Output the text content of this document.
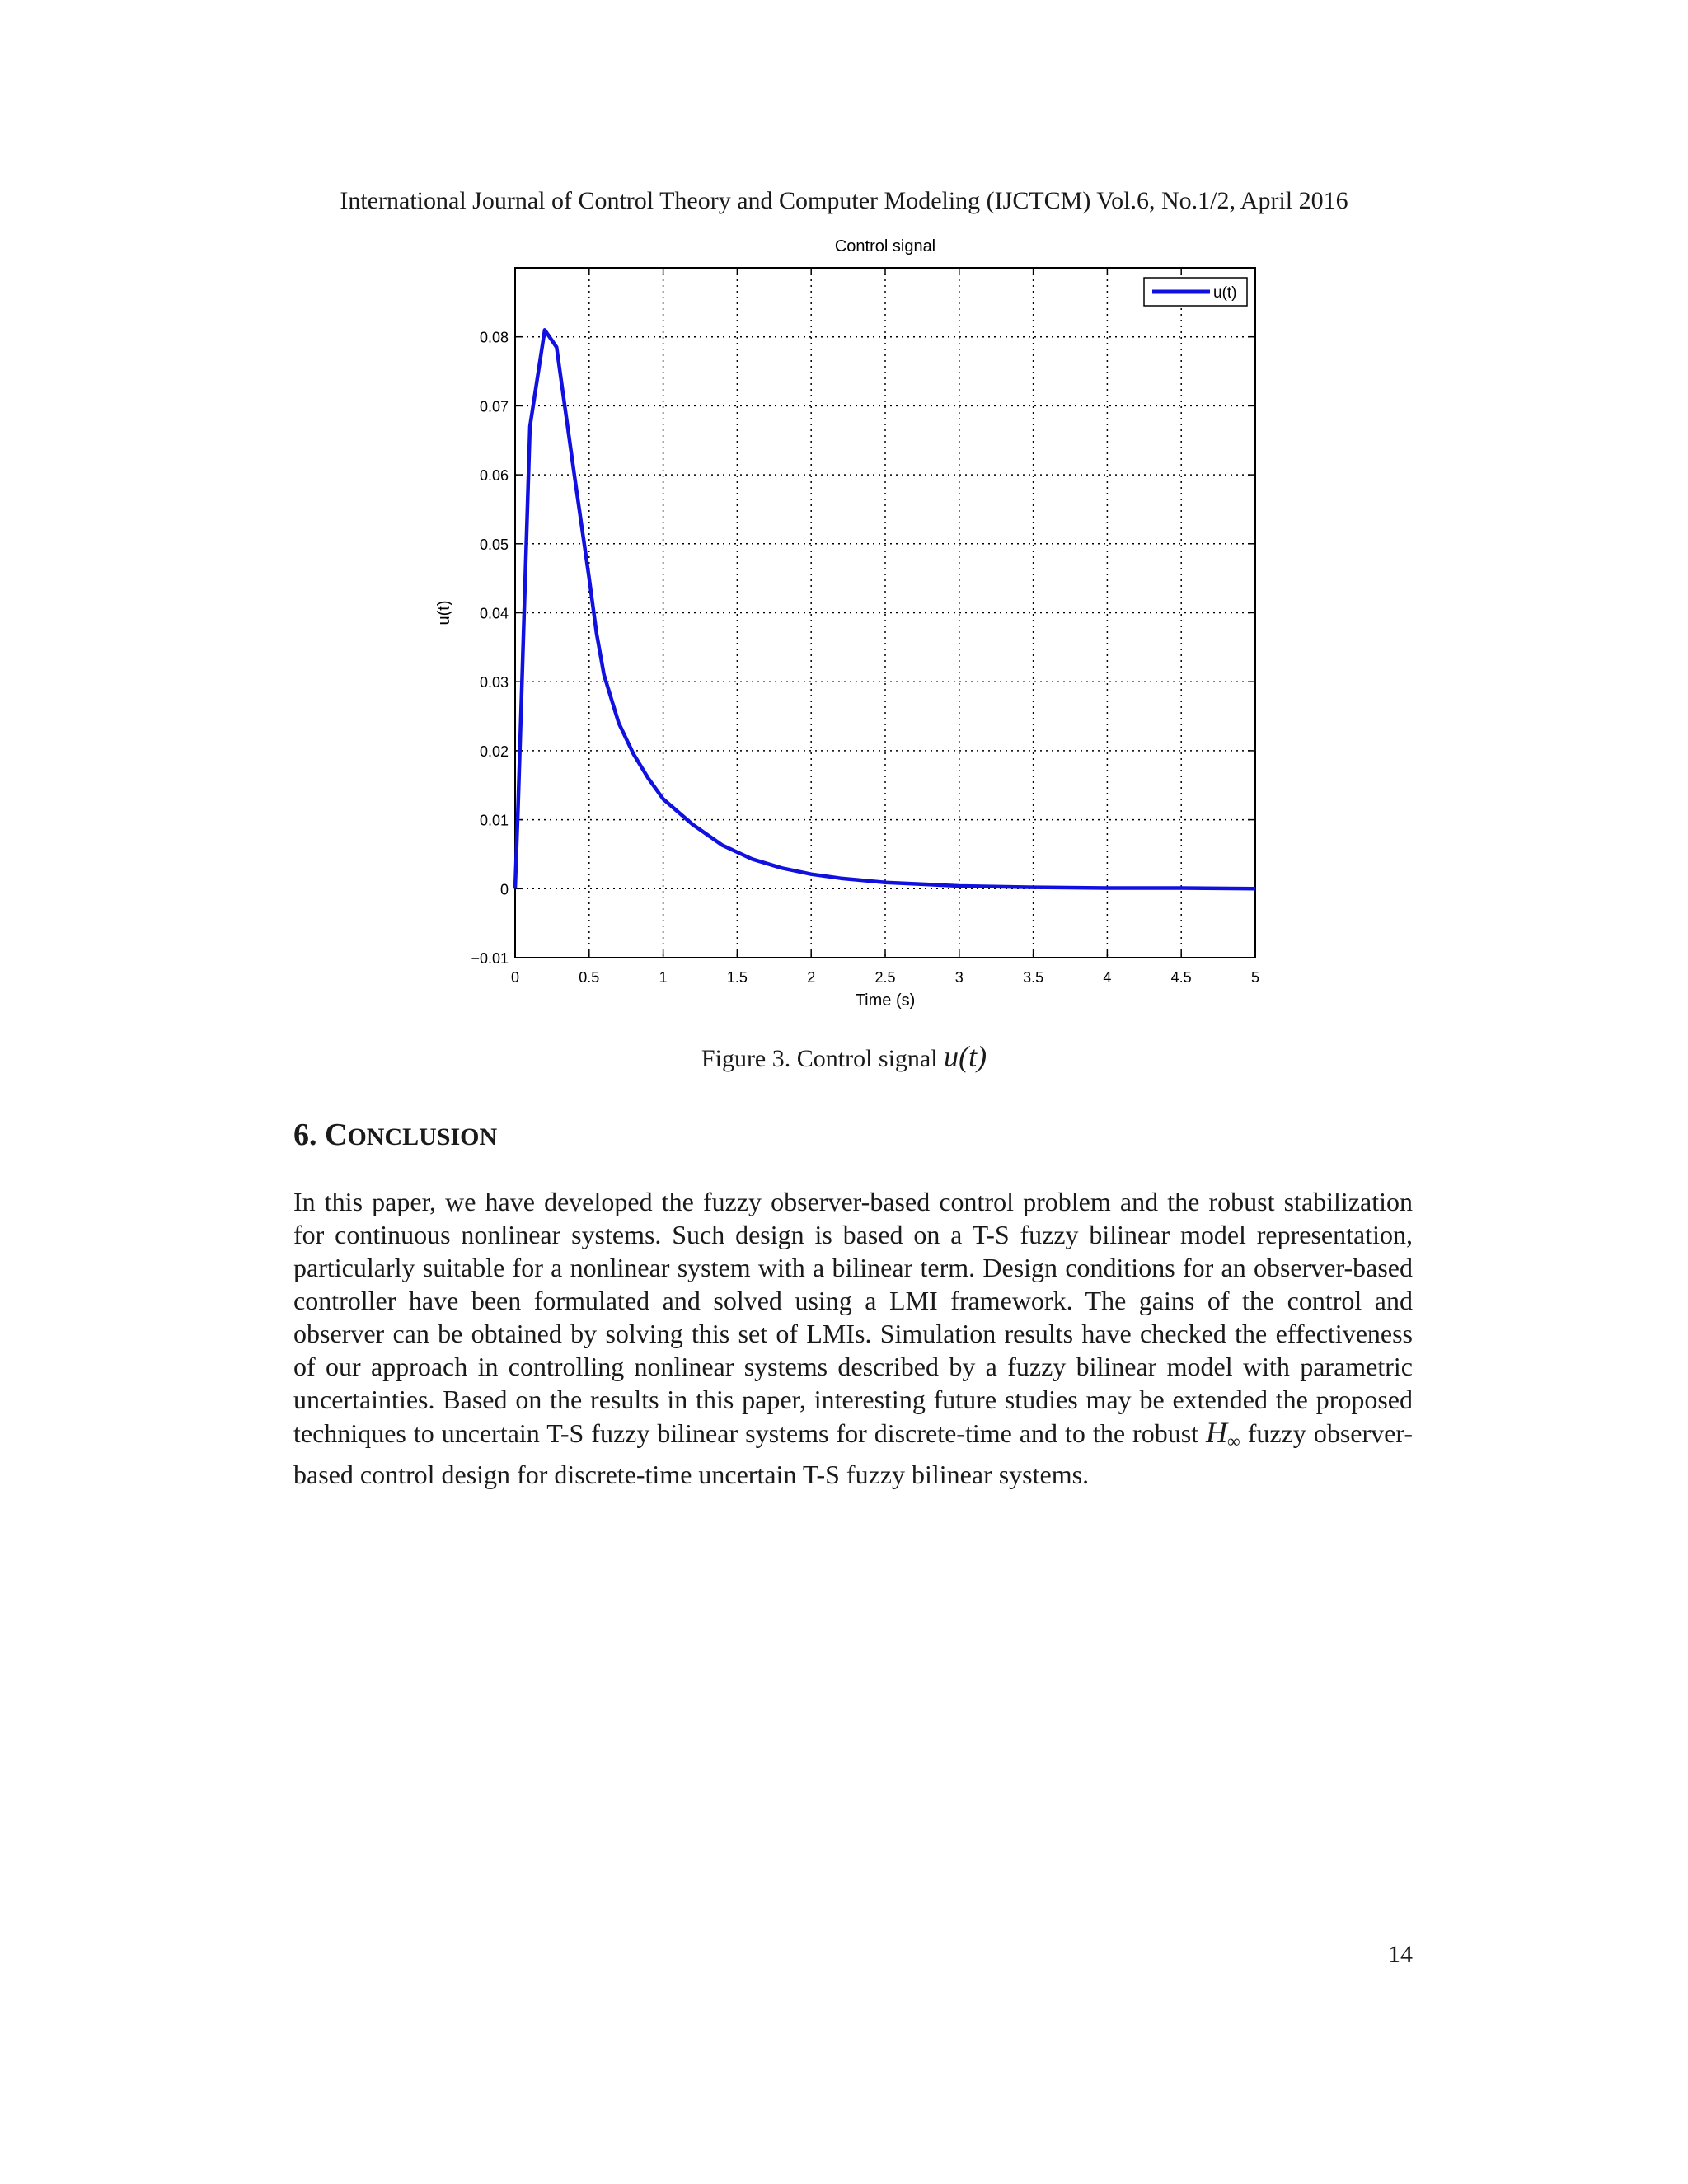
International Journal of Control Theory and Computer Modeling (IJCTCM) Vol.6, No.1/2, April 2016
0	0.5	1	1.5	2	2.5	3	3.5	4	4.5	5
−0.01
0
0.01
0.02
0.03
0.04
0.05
0.06
0.07
0.08
Control signal
Time (s)
u(t)
u(t)
Figure 3. Control signal u(t)
6. CONCLUSION

In this paper, we have developed the fuzzy observer-based control problem and the robust stabilization for continuous nonlinear systems. Such design is based on a T-S fuzzy bilinear model representation, particularly suitable for a nonlinear system with a bilinear term. Design conditions for an observer-based controller have been formulated and solved using a LMI framework. The gains of the control and observer can be obtained by solving this set of LMIs. Simulation results have checked the effectiveness of our approach in controlling nonlinear systems described by a fuzzy bilinear model with parametric uncertainties. Based on the results in this paper, interesting future studies may be extended the proposed techniques to uncertain T-S fuzzy bilinear systems for discrete-time and to the robust H∞ fuzzy observer-based control design for discrete-time uncertain T-S fuzzy bilinear systems.

14
